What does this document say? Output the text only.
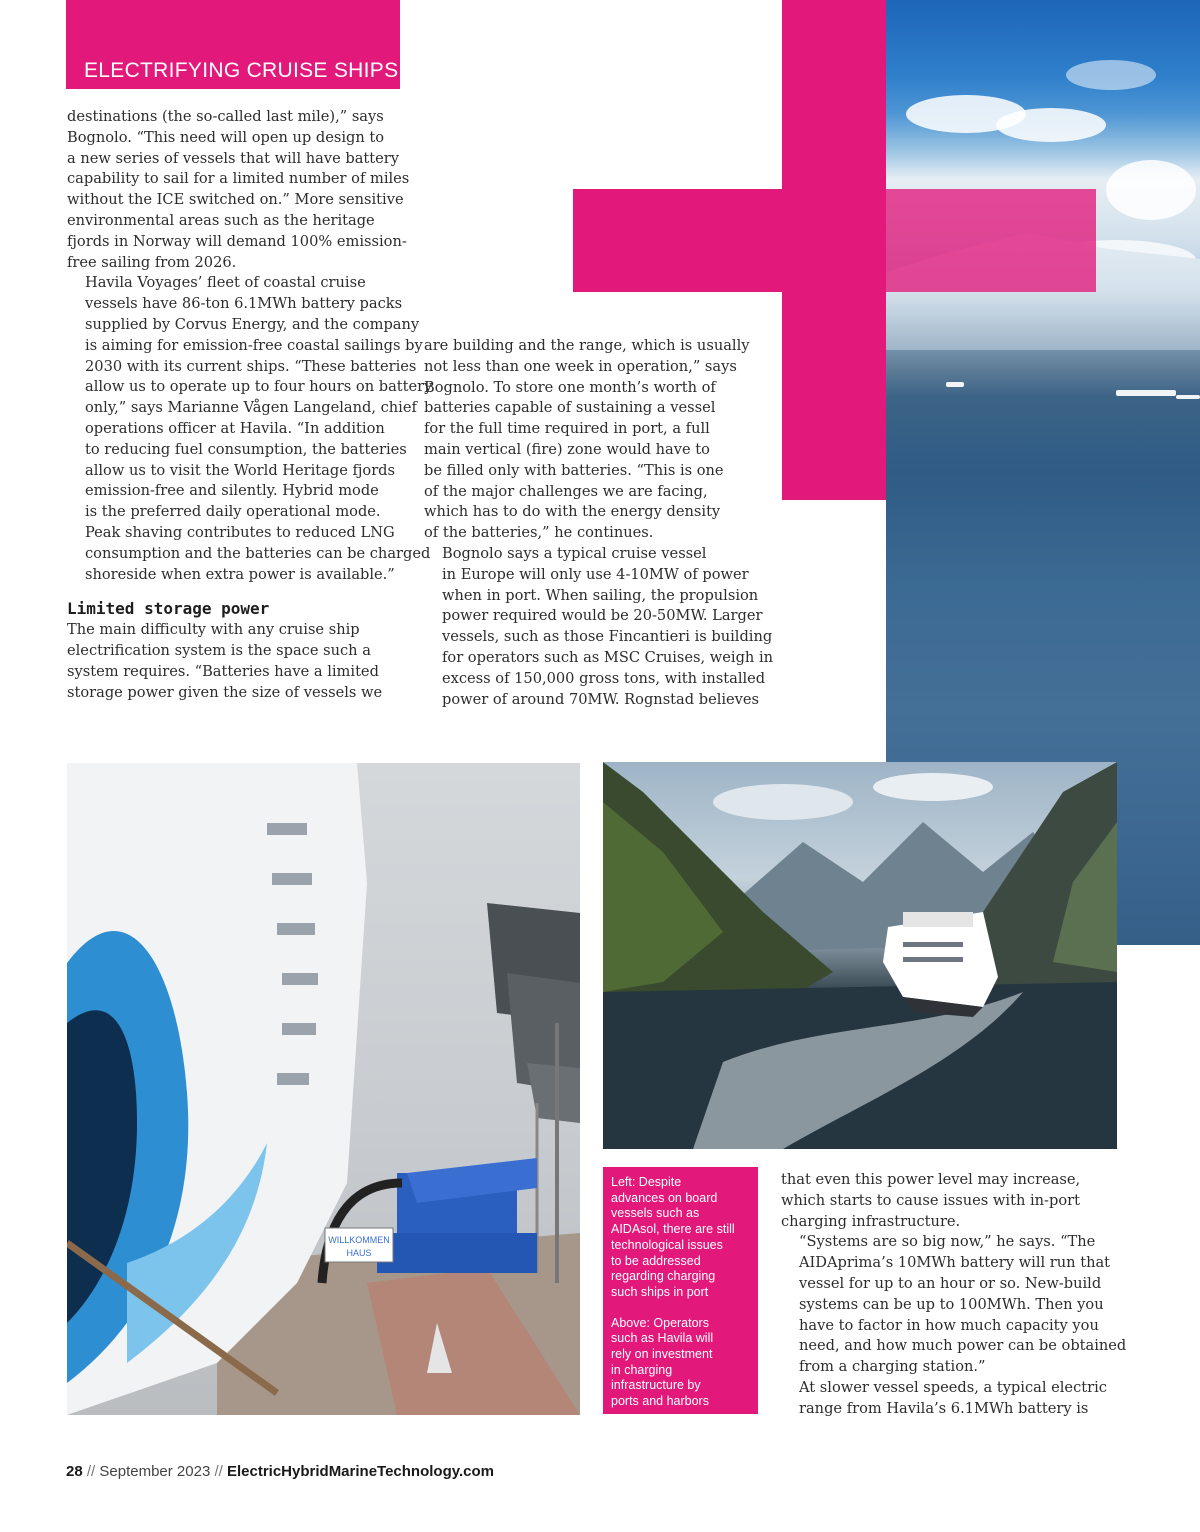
ELECTRIFYING CRUISE SHIPS

destinations (the so-called last mile),” says
Bognolo. “This need will open up design to
a new series of vessels that will have battery
capability to sail for a limited number of miles
without the ICE switched on.” More sensitive
environmental areas such as the heritage
fjords in Norway will demand 100% emission-
free sailing from 2026.

Havila Voyages’ fleet of coastal cruise
vessels have 86-ton 6.1MWh battery packs
supplied by Corvus Energy, and the company
is aiming for emission-free coastal sailings by
2030 with its current ships. “These batteries
allow us to operate up to four hours on battery
only,” says Marianne Vågen Langeland, chief
operations officer at Havila. “In addition
to reducing fuel consumption, the batteries
allow us to visit the World Heritage fjords
emission-free and silently. Hybrid mode
is the preferred daily operational mode.
Peak shaving contributes to reduced LNG
consumption and the batteries can be charged
shoreside when extra power is available.”

Limited storage power

The main difficulty with any cruise ship
electrification system is the space such a
system requires. “Batteries have a limited
storage power given the size of vessels we

are building and the range, which is usually
not less than one week in operation,” says
Bognolo. To store one month’s worth of
batteries capable of sustaining a vessel
for the full time required in port, a full
main vertical (fire) zone would have to
be filled only with batteries. “This is one
of the major challenges we are facing,
which has to do with the energy density
of the batteries,” he continues.

Bognolo says a typical cruise vessel
in Europe will only use 4-10MW of power
when in port. When sailing, the propulsion
power required would be 20-50MW. Larger
vessels, such as those Fincantieri is building
for operators such as MSC Cruises, weigh in
excess of 150,000 gross tons, with installed
power of around 70MW. Rognstad believes

WILLKOMMEN
HAUS
Left: Despite
advances on board
vessels such as
AIDAsol, there are still
technological issues
to be addressed
regarding charging
such ships in port
Above: Operators
such as Havila will
rely on investment
in charging
infrastructure by
ports and harbors

that even this power level may increase,
which starts to cause issues with in-port
charging infrastructure.

“Systems are so big now,” he says. “The
AIDAprima’s 10MWh battery will run that
vessel for up to an hour or so. New-build
systems can be up to 100MWh. Then you
have to factor in how much capacity you
need, and how much power can be obtained
from a charging station.”

At slower vessel speeds, a typical electric
range from Havila’s 6.1MWh battery is

28 // September 2023 // ElectricHybridMarineTechnology.com
